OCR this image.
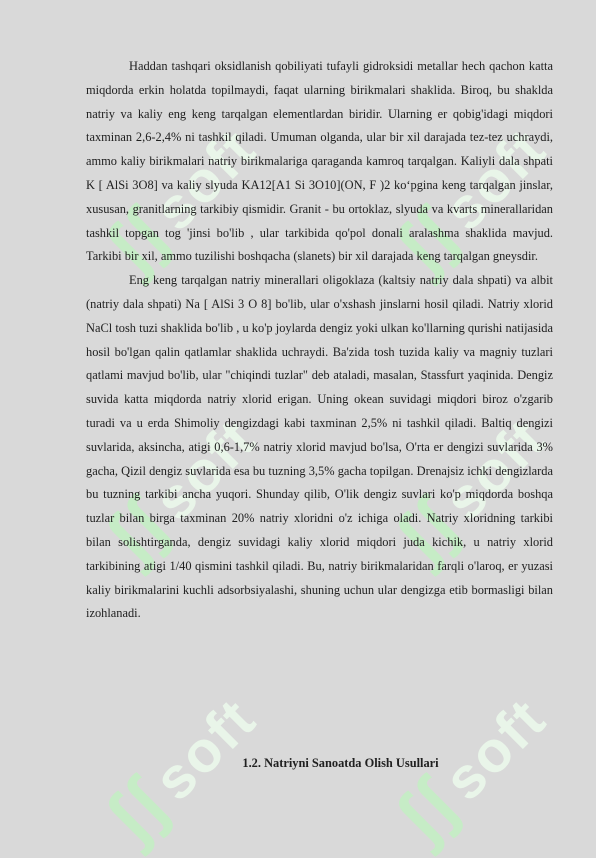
ʃʃsoft ʃʃsoft
ʃʃsoft ʃʃsoft
ʃʃsoft ʃʃsoft

Haddan tashqari oksidlanish qobiliyati tufayli gidroksidi metallar hech qachon katta miqdorda erkin holatda topilmaydi, faqat ularning birikmalari shaklida. Biroq, bu shaklda natriy va kaliy eng keng tarqalgan elementlardan biridir. Ularning er qobig'idagi miqdori taxminan 2,6-2,4% ni tashkil qiladi. Umuman olganda, ular bir xil darajada tez-tez uchraydi, ammo kaliy birikmalari natriy birikmalariga qaraganda kamroq tarqalgan. Kaliyli dala shpati K [ AlSi 3O8] va kaliy slyuda KA12[A1 Si 3O10](ON, F )2 ko‘pgina keng tarqalgan jinslar, xususan, granitlarning tarkibiy qismidir. Granit - bu ortoklaz, slyuda va kvarts minerallaridan tashkil topgan tog 'jinsi bo'lib , ular tarkibida qo'pol donali aralashma shaklida mavjud. Tarkibi bir xil, ammo tuzilishi boshqacha (slanets) bir xil darajada keng tarqalgan gneysdir.

Eng keng tarqalgan natriy minerallari oligoklaza (kaltsiy natriy dala shpati) va albit (natriy dala shpati) Na [ AlSi 3 O 8] bo'lib, ular o'xshash jinslarni hosil qiladi. Natriy xlorid NaCl tosh tuzi shaklida bo'lib , u ko'p joylarda dengiz yoki ulkan ko'llarning qurishi natijasida hosil bo'lgan qalin qatlamlar shaklida uchraydi. Ba'zida tosh tuzida kaliy va magniy tuzlari qatlami mavjud bo'lib, ular "chiqindi tuzlar" deb ataladi, masalan, Stassfurt yaqinida. Dengiz suvida katta miqdorda natriy xlorid erigan. Uning okean suvidagi miqdori biroz o'zgarib turadi va u erda Shimoliy dengizdagi kabi taxminan 2,5% ni tashkil qiladi. Baltiq dengizi suvlarida, aksincha, atigi 0,6-1,7% natriy xlorid mavjud bo'lsa, O'rta er dengizi suvlarida 3% gacha, Qizil dengiz suvlarida esa bu tuzning 3,5% gacha topilgan. Drenajsiz ichki dengizlarda bu tuzning tarkibi ancha yuqori. Shunday qilib, O'lik dengiz suvlari ko'p miqdorda boshqa tuzlar bilan birga taxminan 20% natriy xloridni o'z ichiga oladi. Natriy xloridning tarkibi bilan solishtirganda, dengiz suvidagi kaliy xlorid miqdori juda kichik, u natriy xlorid tarkibining atigi 1/40 qismini tashkil qiladi. Bu, natriy birikmalaridan farqli o'laroq, er yuzasi kaliy birikmalarini kuchli adsorbsiyalashi, shuning uchun ular dengizga etib bormasligi bilan izohlanadi.

1.2. Natriyni Sanoatda Olish Usullari
